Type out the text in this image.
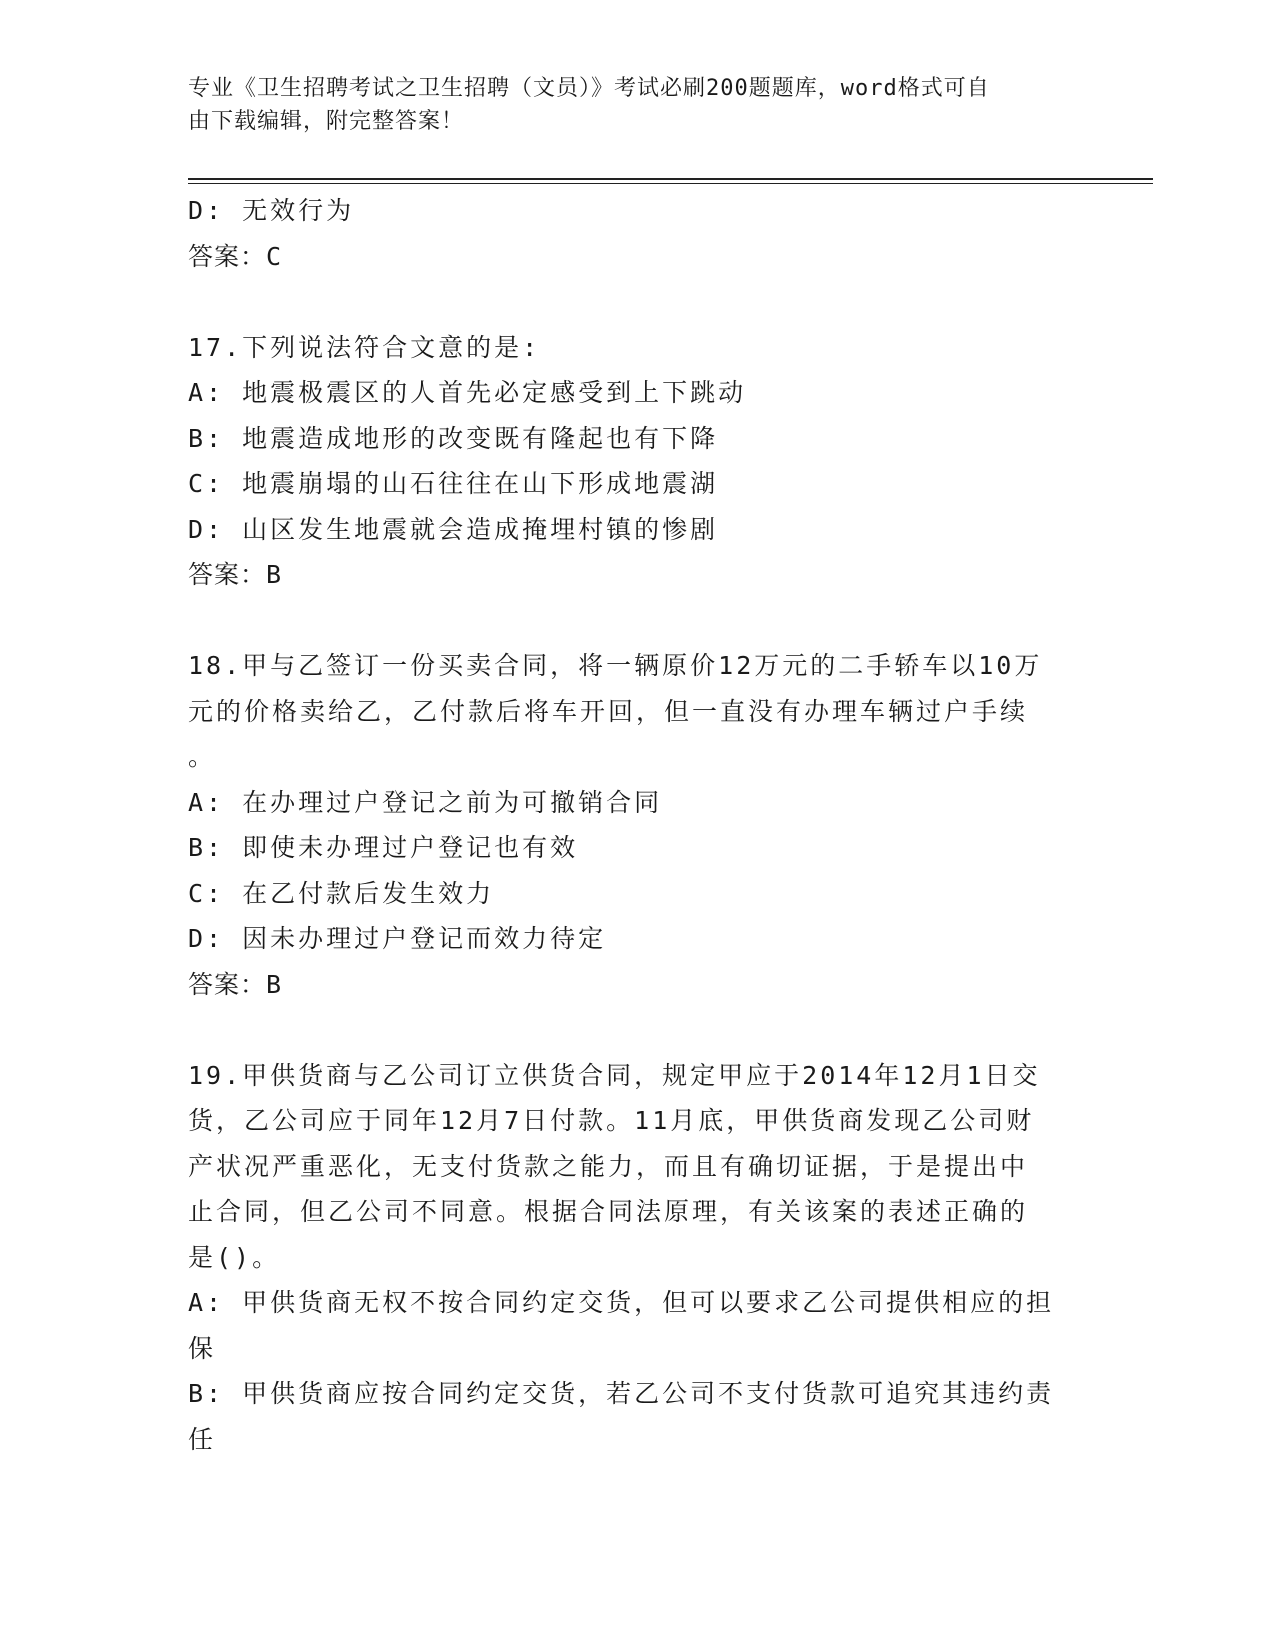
专业《卫生招聘考试之卫生招聘（文员）》考试必刷200题题库，word格式可自
由下载编辑，附完整答案！
D: 无效行为
答案：C
17.下列说法符合文意的是:
A: 地震极震区的人首先必定感受到上下跳动
B: 地震造成地形的改变既有隆起也有下降
C: 地震崩塌的山石往往在山下形成地震湖
D: 山区发生地震就会造成掩埋村镇的惨剧
答案：B
18.甲与乙签订一份买卖合同，将一辆原价12万元的二手轿车以10万
元的价格卖给乙，乙付款后将车开回，但一直没有办理车辆过户手续
。
A: 在办理过户登记之前为可撤销合同
B: 即使未办理过户登记也有效
C: 在乙付款后发生效力
D: 因未办理过户登记而效力待定
答案：B
19.甲供货商与乙公司订立供货合同，规定甲应于2014年12月1日交
货，乙公司应于同年12月7日付款。11月底，甲供货商发现乙公司财
产状况严重恶化，无支付货款之能力，而且有确切证据，于是提出中
止合同，但乙公司不同意。根据合同法原理，有关该案的表述正确的
是()。
A: 甲供货商无权不按合同约定交货，但可以要求乙公司提供相应的担
保
B: 甲供货商应按合同约定交货，若乙公司不支付货款可追究其违约责
任
